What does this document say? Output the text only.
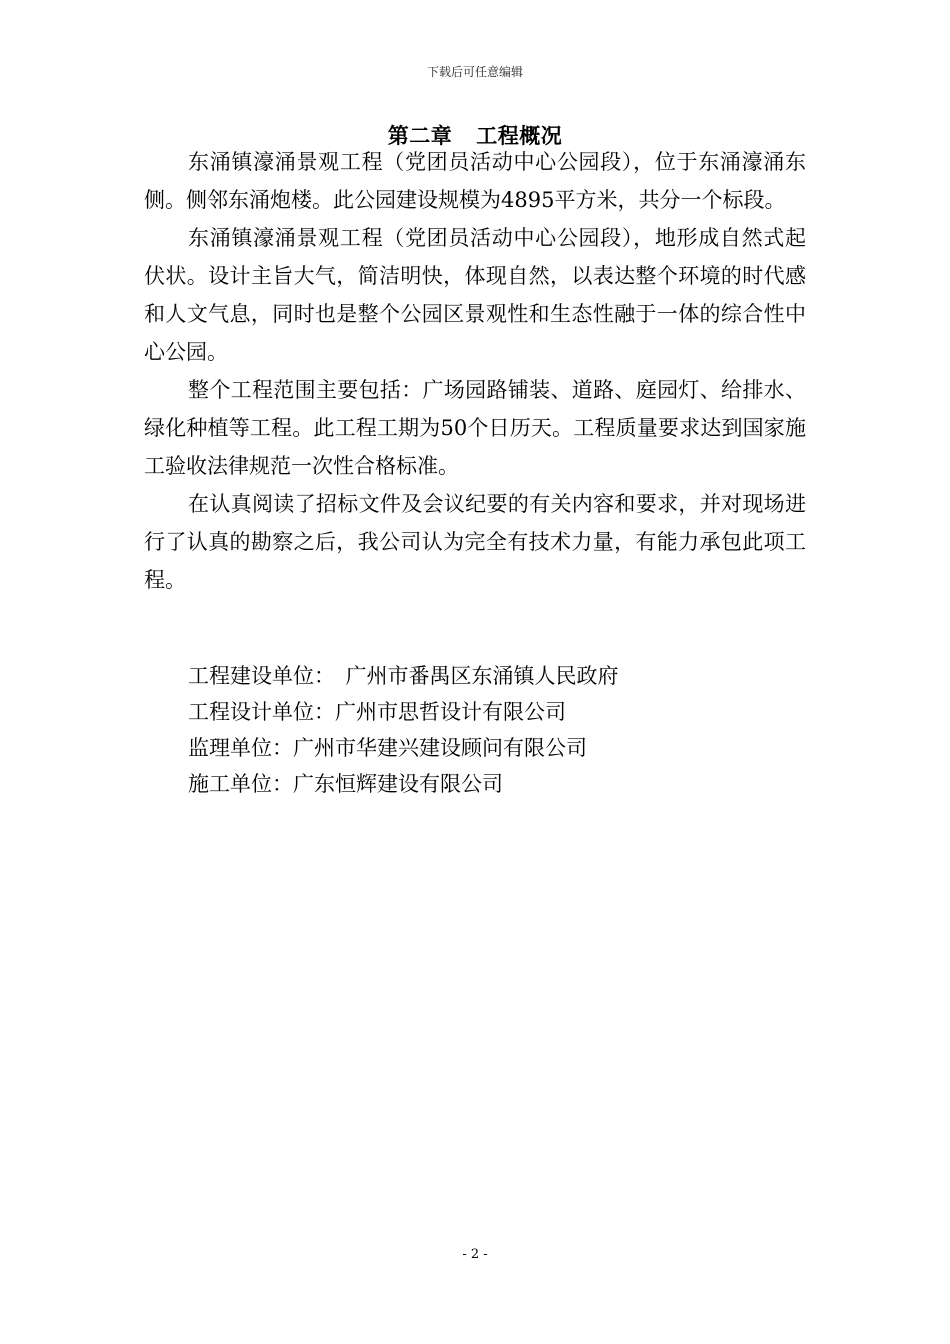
下载后可任意编辑
第二章 工程概况

东涌镇濠涌景观工程（党团员活动中心公园段），位于东涌濠涌东侧。侧邻东涌炮楼。此公园建设规模为4895平方米，共分一个标段。

东涌镇濠涌景观工程（党团员活动中心公园段），地形成自然式起伏状。设计主旨大气，简洁明快，体现自然，以表达整个环境的时代感和人文气息，同时也是整个公园区景观性和生态性融于一体的综合性中心公园。

整个工程范围主要包括：广场园路铺装、道路、庭园灯、给排水、绿化种植等工程。此工程工期为50个日历天。工程质量要求达到国家施工验收法律规范一次性合格标准。

在认真阅读了招标文件及会议纪要的有关内容和要求，并对现场进行了认真的勘察之后，我公司认为完全有技术力量，有能力承包此项工程。

工程建设单位：　广州市番禺区东涌镇人民政府
工程设计单位：广州市思哲设计有限公司
监理单位：广州市华建兴建设顾问有限公司
施工单位：广东恒辉建设有限公司
- 2 -
